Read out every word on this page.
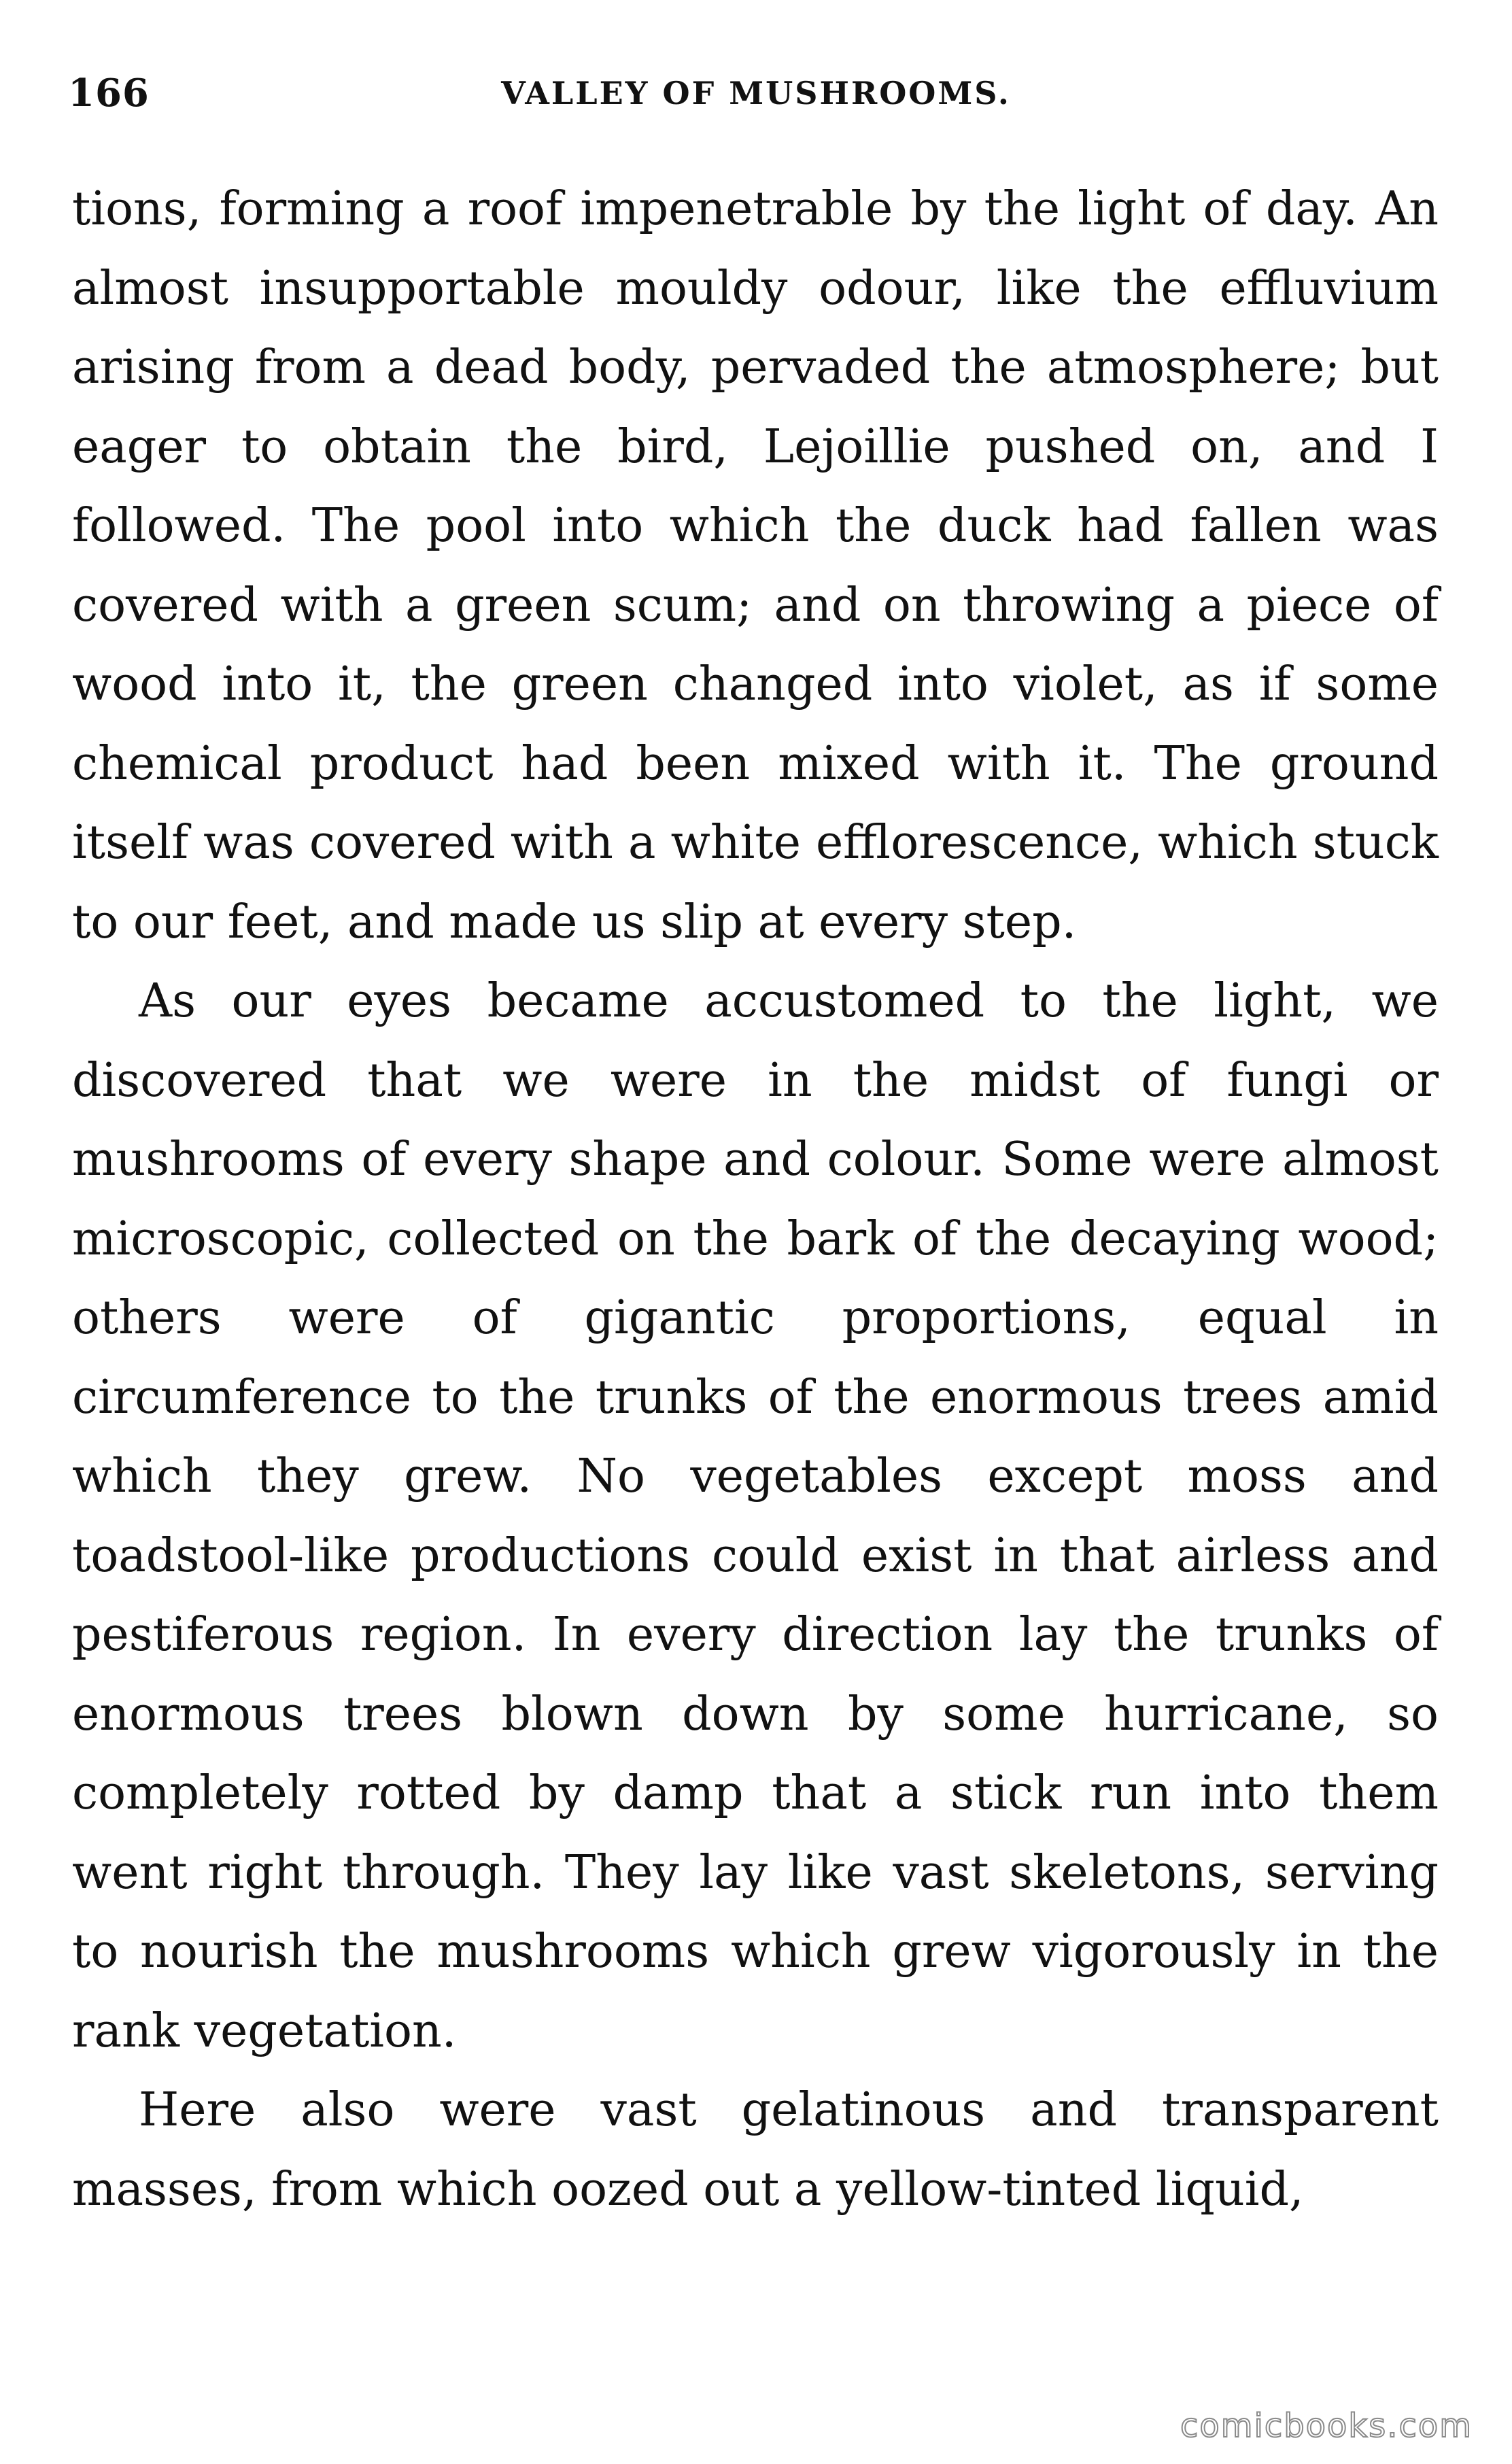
166	VALLEY OF MUSHROOMS.

tions, forming a roof impenetrable by the light of day. An almost insupportable mouldy odour, like the effluvium arising from a dead body, pervaded the atmosphere; but eager to obtain the bird, Lejoillie pushed on, and I followed. The pool into which the duck had fallen was covered with a green scum; and on throwing a piece of wood into it, the green changed into violet, as if some chemical product had been mixed with it. The ground itself was covered with a white efflorescence, which stuck to our feet, and made us slip at every step.

As our eyes became accustomed to the light, we discovered that we were in the midst of fungi or mushrooms of every shape and colour. Some were almost microscopic, collected on the bark of the decaying wood; others were of gigantic proportions, equal in circumference to the trunks of the enormous trees amid which they grew. No vegetables except moss and toadstool-like productions could exist in that airless and pestiferous region. In every direction lay the trunks of enormous trees blown down by some hurricane, so completely rotted by damp that a stick run into them went right through. They lay like vast skeletons, serving to nourish the mushrooms which grew vigorously in the rank vegetation.

Here also were vast gelatinous and transparent masses, from which oozed out a yellow-tinted liquid,

comicbooks.com
